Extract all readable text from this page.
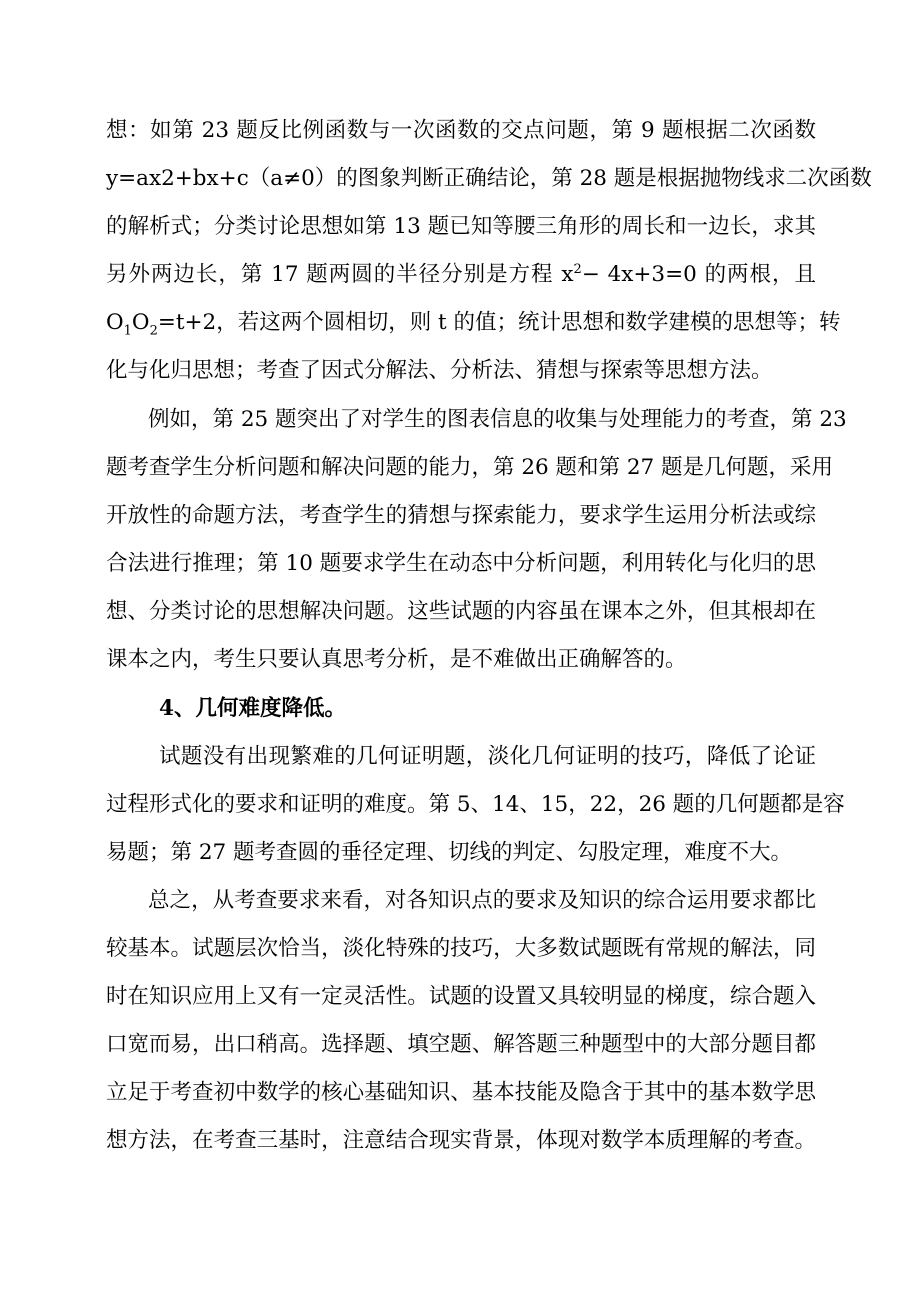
想：如第 23 题反比例函数与一次函数的交点问题，第 9 题根据二次函数
y=ax2+bx+c（a≠0）的图象判断正确结论，第 28 题是根据抛物线求二次函数
的解析式；分类讨论思想如第 13 题已知等腰三角形的周长和一边长，求其
另外两边长，第 17 题两圆的半径分别是方程 $x^2- 4x+3=0$ 的两根，且
$O_1O_2=t+2$，若这两个圆相切，则 t 的值；统计思想和数学建模的思想等；转
化与化归思想；考查了因式分解法、分析法、猜想与探索等思想方法。
例如，第 25 题突出了对学生的图表信息的收集与处理能力的考查，第 23
题考查学生分析问题和解决问题的能力，第 26 题和第 27 题是几何题，采用
开放性的命题方法，考查学生的猜想与探索能力，要求学生运用分析法或综
合法进行推理；第 10 题要求学生在动态中分析问题，利用转化与化归的思
想、分类讨论的思想解决问题。这些试题的内容虽在课本之外，但其根却在
课本之内，考生只要认真思考分析，是不难做出正确解答的。
4、几何难度降低。
试题没有出现繁难的几何证明题，淡化几何证明的技巧，降低了论证
过程形式化的要求和证明的难度。第 5、14、15，22，26 题的几何题都是容
易题；第 27 题考查圆的垂径定理、切线的判定、勾股定理，难度不大。
总之，从考查要求来看，对各知识点的要求及知识的综合运用要求都比
较基本。试题层次恰当，淡化特殊的技巧，大多数试题既有常规的解法，同
时在知识应用上又有一定灵活性。试题的设置又具较明显的梯度，综合题入
口宽而易，出口稍高。选择题、填空题、解答题三种题型中的大部分题目都
立足于考查初中数学的核心基础知识、基本技能及隐含于其中的基本数学思
想方法，在考查三基时，注意结合现实背景，体现对数学本质理解的考查。
